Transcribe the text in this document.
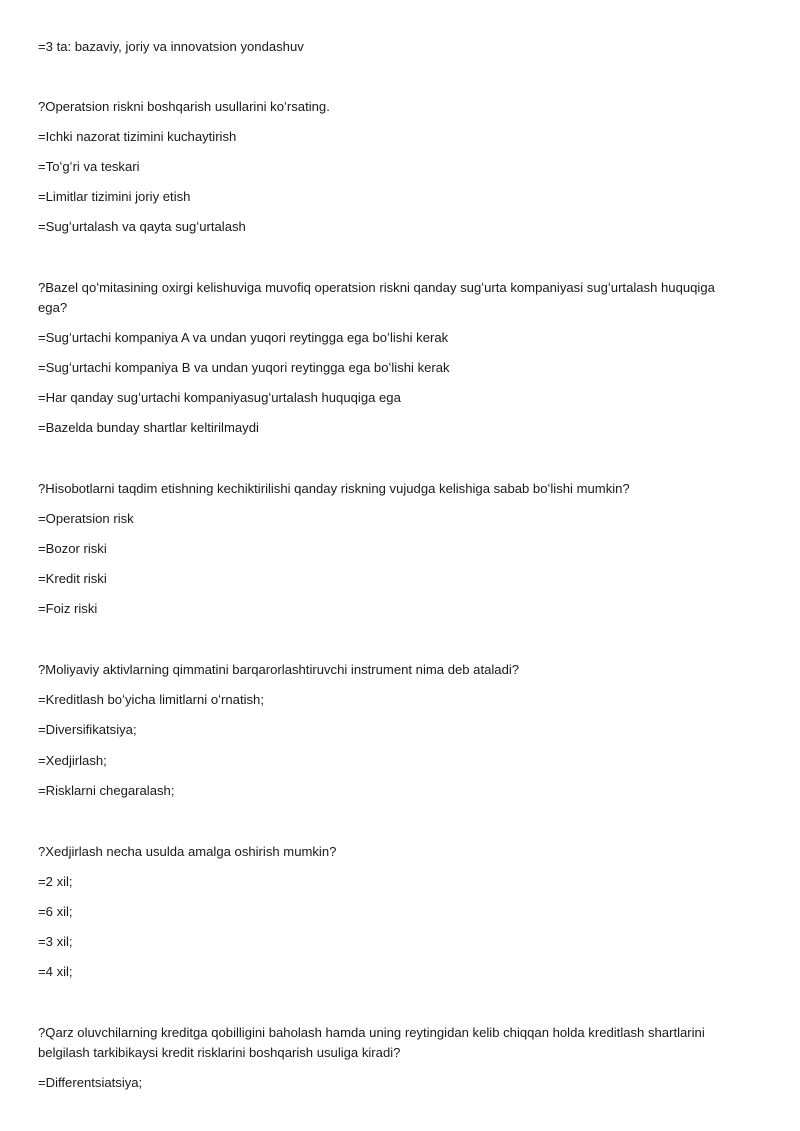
=3 ta: bazaviy, joriy va innovatsion yondashuv
?Operatsion riskni boshqarish usullarini koʻrsating.
=Ichki nazorat tizimini kuchaytirish
=Toʻgʻri va teskari
=Limitlar tizimini joriy etish
=Sugʻurtalash va qayta sugʻurtalash
?Bazel qoʻmitasining oxirgi kelishuviga muvofiq operatsion riskni qanday sugʻurta kompaniyasi sugʻurtalash huquqiga ega?
=Sugʻurtachi kompaniya A va undan yuqori reytingga ega boʻlishi kerak
=Sugʻurtachi kompaniya B va undan yuqori reytingga ega boʻlishi kerak
=Har qanday sugʻurtachi kompaniyasugʻurtalash huquqiga ega
=Bazelda bunday shartlar keltirilmaydi
?Hisobotlarni taqdim etishning kechiktirilishi qanday riskning vujudga kelishiga sabab boʻlishi mumkin?
=Operatsion risk
=Bozor riski
=Kredit riski
=Foiz riski
?Moliyaviy aktivlarning qimmatini barqarorlashtiruvchi instrument nima deb ataladi?
=Kreditlash boʻyicha limitlarni oʻrnatish;
=Diversifikatsiya;
=Xedjirlash;
=Risklarni chegaralash;
?Xedjirlash necha usulda amalga oshirish mumkin?
=2 xil;
=6 xil;
=3 xil;
=4 xil;
?Qarz oluvchilarning kreditga qobilligini baholash hamda uning reytingidan kelib chiqqan holda kreditlash shartlarini belgilash tarkibikaysi kredit risklarini boshqarish usuliga kiradi?
=Differentsiatsiya;
